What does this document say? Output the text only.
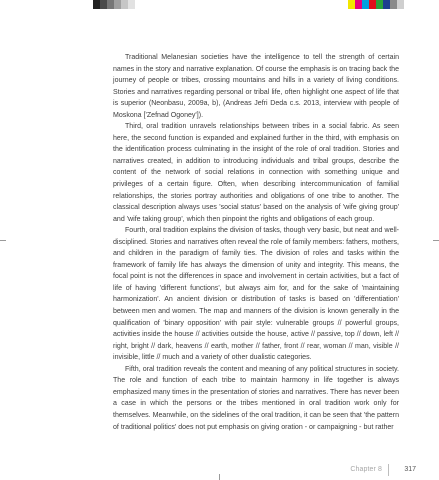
Traditional Melanesian societies have the intelligence to tell the strength of certain names in the story and narrative explanation. Of course the emphasis is on tracing back the journey of people or tribes, crossing mountains and hills in a variety of living conditions. Stories and narratives regarding personal or tribal life, often highlight one aspect of life that is superior (Neonbasu, 2009a, b), (Andreas Jefri Deda c.s. 2013, interview with people of Moskona ['Zefnad Ogoney']).

Third, oral tradition unravels relationships between tribes in a social fabric. As seen here, the second function is expanded and explained further in the third, with emphasis on the identification process culminating in the insight of the role of oral tradition. Stories and narratives created, in addition to introducing individuals and tribal groups, describe the content of the network of social relations in connection with something unique and privileges of a certain figure. Often, when describing intercommunication of familial relationships, the stories portray authorities and obligations of one tribe to another. The classical description always uses 'social status' based on the analysis of 'wife giving group' and 'wife taking group', which then pinpoint the rights and obligations of each group.

Fourth, oral tradition explains the division of tasks, though very basic, but neat and well-disciplined. Stories and narratives often reveal the role of family members: fathers, mothers, and children in the paradigm of family ties. The division of roles and tasks within the framework of family life has always the dimension of unity and integrity. This means, the focal point is not the differences in space and involvement in certain activities, but a fact of life of having 'different functions', but always aim for, and for the sake of 'maintaining harmonization'. An ancient division or distribution of tasks is based on 'differentiation' between men and women. The map and manners of the division is known generally in the qualification of 'binary opposition' with pair style: vulnerable groups // powerful groups, activities inside the house // activities outside the house, active // passive, top // down, left // right, bright // dark, heavens // earth, mother // father, front // rear, woman // man, visible // invisible, little // much and a variety of other dualistic categories.

Fifth, oral tradition reveals the content and meaning of any political structures in society. The role and function of each tribe to maintain harmony in life together is always emphasized many times in the presentation of stories and narratives. There has never been a case in which the persons or the tribes mentioned in oral tradition work only for themselves. Meanwhile, on the sidelines of the oral tradition, it can be seen that 'the pattern of traditional politics' does not put emphasis on giving oration - or campaigning - but rather

Chapter 8	317
